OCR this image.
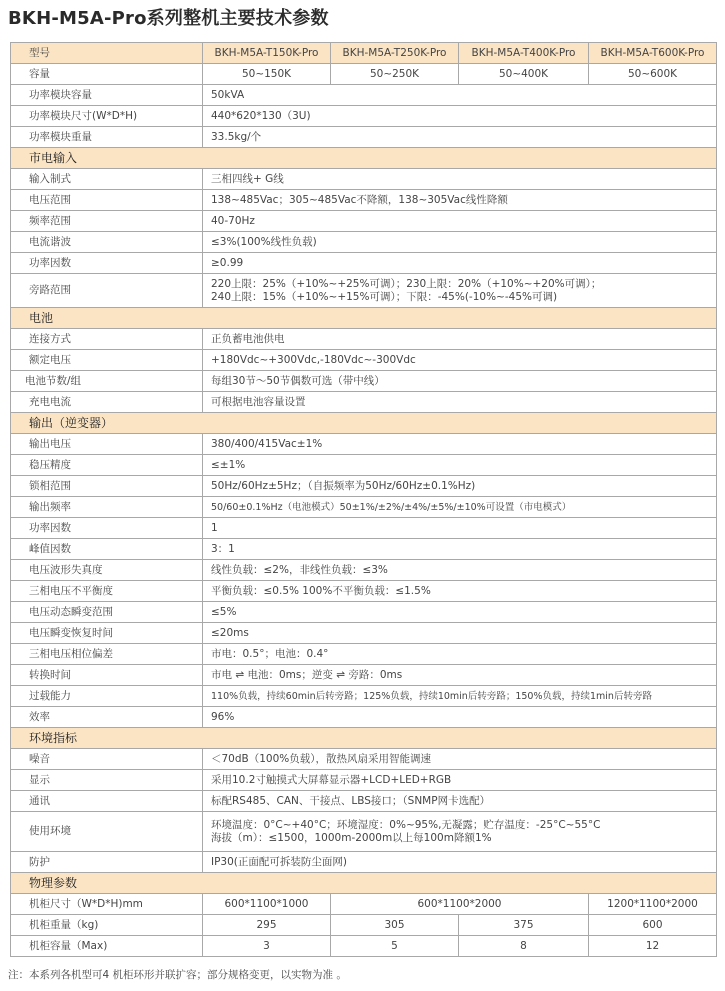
BKH-M5A-Pro系列整机主要技术参数
型号	BKH-M5A-T150K-Pro	BKH-M5A-T250K-Pro	BKH-M5A-T400K-Pro	BKH-M5A-T600K-Pro
容量	50~150K	50~250K	50~400K	50~600K
功率模块容量	50kVA			
功率模块尺寸(W*D*H)	440*620*130（3U)			
功率模块重量	33.5kg/个			
市电输入				
输入制式	三相四线+ G线			
电压范围	138~485Vac；305~485Vac不降额，138~305Vac线性降额			
频率范围	40-70Hz			
电流谐波	≤3%(100%线性负载)			
功率因数	≥0.99			
旁路范围	220上限：25%（+10%~+25%可调）；230上限：20%（+10%~+20%可调）；
240上限：15%（+10%~+15%可调）；下限：-45%(-10%~-45%可调)			

电池				
连接方式	正负蓄电池供电			
额定电压	+180Vdc~+300Vdc,-180Vdc~-300Vdc			
电池节数/组	每组30节～50节偶数可选（带中线）			
充电电流	可根据电池容量设置			
输出（逆变器）				
输出电压	380/400/415Vac±1%			
稳压精度	≤±1%			
锁相范围	50Hz/60Hz±5Hz；（自振频率为50Hz/60Hz±0.1%Hz)			
输出频率	50/60±0.1%Hz（电池模式）50±1%/±2%/±4%/±5%/±10%可设置（市电模式）			
功率因数	1			
峰值因数	3：1			
电压波形失真度	线性负载：≤2%，非线性负载：≤3%			
三相电压不平衡度	平衡负载：≤0.5% 100%不平衡负载：≤1.5%			
电压动态瞬变范围	≤5%			
电压瞬变恢复时间	≤20ms			
三相电压相位偏差	市电：0.5°；电池：0.4°			
转换时间	市电 ⇌ 电池：0ms；逆变 ⇌ 旁路：0ms			
过载能力	110%负载，持续60min后转旁路；125%负载，持续10min后转旁路；150%负载，持续1min后转旁路			
效率	96%			
环境指标				
噪音	＜70dB（100%负载），散热风扇采用智能调速			
显示	采用10.2寸触摸式大屏幕显示器+LCD+LED+RGB			
通讯	标配RS485、CAN、干接点、LBS接口；（SNMP网卡选配）			
使用环境	环境温度：0°C~+40°C；环境湿度：0%~95%,无凝露；贮存温度：-25°C~55°C
海拔（m）：≤1500，1000m-2000m以上每100m降额1%			

防护	IP30(正面配可拆装防尘面网)			
物理参数				
机柜尺寸（W*D*H)mm	600*1100*1000	600*1100*2000		1200*1100*2000
机柜重量（kg)	295	305	375	600
机柜容量（Max)	3	5	8	12
注：本系列各机型可4 机柜环形并联扩容；部分规格变更，以实物为准 。
